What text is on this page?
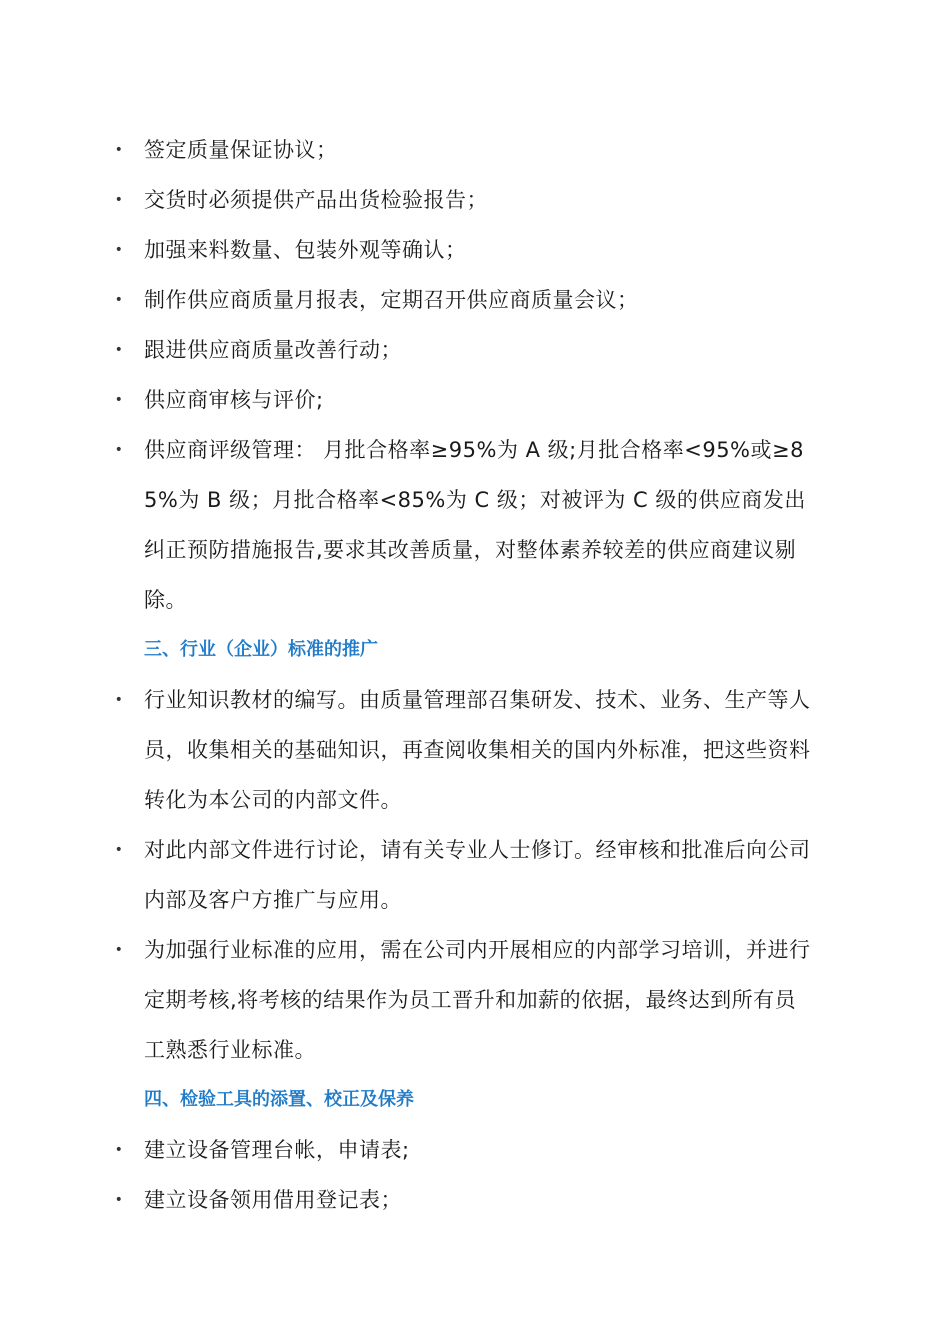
• 签定质量保证协议；
• 交货时必须提供产品出货检验报告；
• 加强来料数量、包装外观等确认；
• 制作供应商质量月报表，定期召开供应商质量会议；
• 跟进供应商质量改善行动；
• 供应商审核与评价;
• 供应商评级管理： 月批合格率≥95%为 A 级;月批合格率<95%或≥85%为 B 级；月批合格率<85%为 C 级；对被评为 C 级的供应商发出纠正预防措施报告,要求其改善质量，对整体素养较差的供应商建议剔除。
三、行业（企业）标准的推广
• 行业知识教材的编写。由质量管理部召集研发、技术、业务、生产等人员，收集相关的基础知识，再查阅收集相关的国内外标准，把这些资料转化为本公司的内部文件。
• 对此内部文件进行讨论，请有关专业人士修订。经审核和批准后向公司内部及客户方推广与应用。
• 为加强行业标准的应用，需在公司内开展相应的内部学习培训，并进行定期考核,将考核的结果作为员工晋升和加薪的依据，最终达到所有员工熟悉行业标准。
四、检验工具的添置、校正及保养
• 建立设备管理台帐，申请表;
• 建立设备领用借用登记表；
